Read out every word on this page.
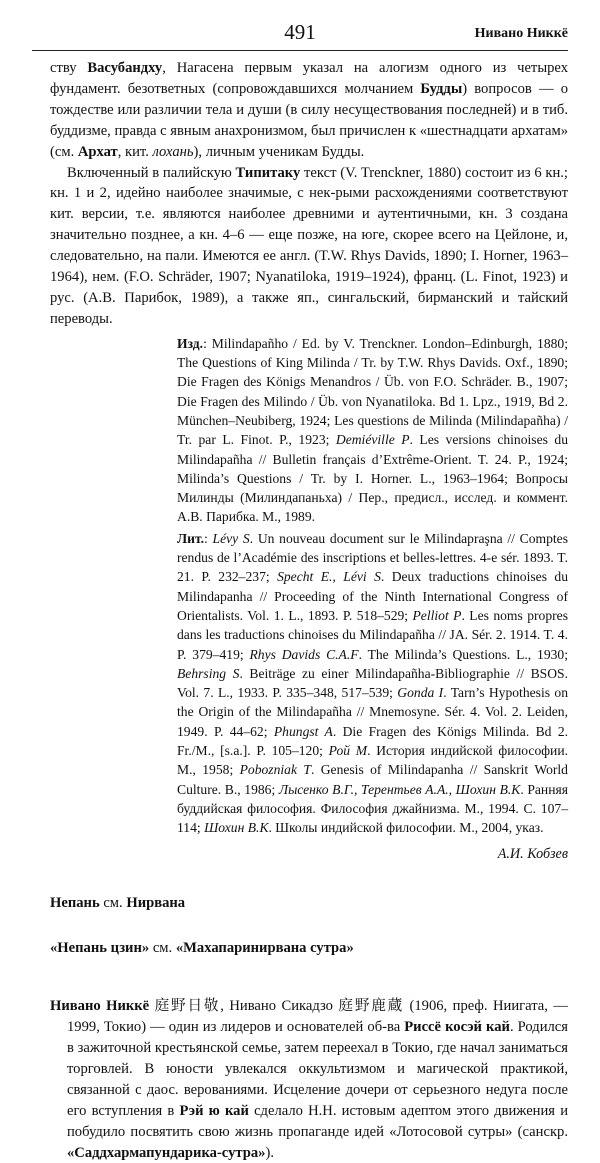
491	Нивано Никкё

ству Васубандху, Нагасена первым указал на алогизм одного из четырех фундамент. безответных (сопровождавшихся молчанием Будды) вопросов — о тождестве или различии тела и души (в силу несуществования последней) и в тиб. буддизме, правда с явным анахронизмом, был причислен к «шестнадцати архатам» (см. Архат, кит. лохань), личным ученикам Будды.

Включенный в палийскую Типитаку текст (V. Trenckner, 1880) состоит из 6 кн.; кн. 1 и 2, идейно наиболее значимые, с нек-рыми расхождениями соответствуют кит. версии, т.е. являются наиболее древними и аутентичными, кн. 3 создана значительно позднее, а кн. 4–6 — еще позже, на юге, скорее всего на Цейлоне, и, следовательно, на пали. Имеются ее англ. (T.W. Rhys Davids, 1890; I. Horner, 1963–1964), нем. (F.O. Schräder, 1907; Nyanatiloka, 1919–1924), франц. (L. Finot, 1923) и рус. (А.В. Парибок, 1989), а также яп., сингальский, бирманский и тайский переводы.

Изд.: Milindapañho / Ed. by V. Trenckner. London–Edinburgh, 1880; The Questions of King Milinda / Tr. by T.W. Rhys Davids. Oxf., 1890; Die Fragen des Königs Menandros / Üb. von F.O. Schräder. B., 1907; Die Fragen des Milindo / Üb. von Nyanatiloka. Bd 1. Lpz., 1919, Bd 2. München–Neubiberg, 1924; Les questions de Milinda (Milindapañha) / Tr. par L. Finot. P., 1923; Demiéville P. Les versions chinoises du Milindapañha // Bulletin français d’Extrême-Orient. T. 24. P., 1924; Milinda’s Questions / Tr. by I. Horner. L., 1963–1964; Вопросы Милинды (Милиндапаньха) / Пер., предисл., исслед. и коммент. А.В. Парибка. М., 1989.

Лит.: Lévy S. Un nouveau document sur le Milindapraşna // Comptes rendus de l’Académie des inscriptions et belles-lettres. 4-e sér. 1893. T. 21. P. 232–237; Specht E., Lévi S. Deux traductions chinoises du Milindapanha // Proceeding of the Ninth International Congress of Orientalists. Vol. 1. L., 1893. P. 518–529; Pelliot P. Les noms propres dans les traductions chinoises du Milindapañha // JA. Sér. 2. 1914. T. 4. P. 379–419; Rhys Davids C.A.F. The Milinda’s Questions. L., 1930; Behrsing S. Beiträge zu einer Milindapañha-Bibliographie // BSOS. Vol. 7. L., 1933. P. 335–348, 517–539; Gonda I. Tarn’s Hypothesis on the Origin of the Milindapañha // Mnemosyne. Sér. 4. Vol. 2. Leiden, 1949. P. 44–62; Phungst A. Die Fragen des Königs Milinda. Bd 2. Fr./M., [s.a.]. P. 105–120; Рой М. История индийской философии. М., 1958; Pobozniak T. Genesis of Milindapanha // Sanskrit World Culture. B., 1986; Лысенко В.Г., Терентьев А.А., Шохин В.К. Ранняя буддийская философия. Философия джайнизма. М., 1994. С. 107–114; Шохин В.К. Школы индийской философии. М., 2004, указ.

А.И. Кобзев

Непань см. Нирвана

«Непань цзин» см. «Махапаринирвана сутра»

Нивано Никкё 庭野日敬, Нивано Сикадзо 庭野鹿蔵 (1906, преф. Ниигата, — 1999, Токио) — один из лидеров и основателей об-ва Риссё косэй кай. Родился в зажиточной крестьянской семье, затем переехал в Токио, где начал заниматься торговлей. В юности увлекался оккультизмом и магической практикой, связанной с даос. верованиями. Исцеление дочери от серьезного недуга после его вступления в Рэй ю кай сделало Н.Н. истовым адептом этого движения и побудило посвятить свою жизнь пропаганде идей «Лотосовой сутры» (санскр. «Саддхармапундарика-сутра»).
